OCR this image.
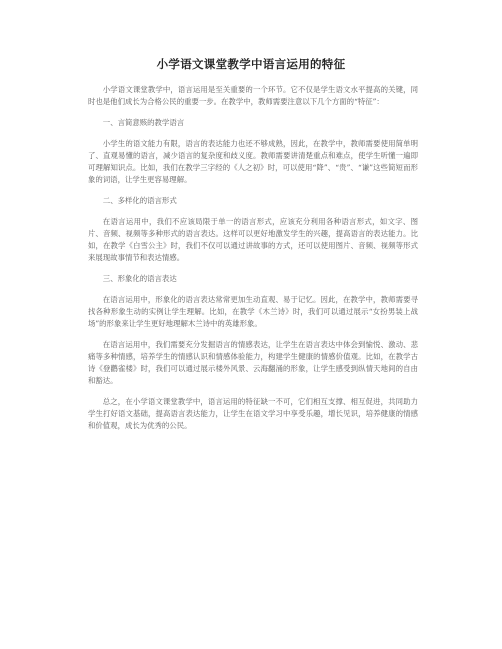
小学语文课堂教学中语言运用的特征

小学语文课堂教学中，语言运用是至关重要的一个环节。它不仅是学生语文水平提高的关键，同时也是他们成长为合格公民的重要一步。在教学中，教师需要注意以下几个方面的“特征”：

一、言简意赅的教学语言

小学生的语文能力有限，语言的表达能力也还不够成熟，因此，在教学中，教师需要使用简单明了、直观易懂的语言，减少语言的复杂度和歧义度。教师需要讲清楚重点和难点，使学生听懂一遍即可理解知识点。比如，我们在教学三字经的《人之初》时，可以使用“降”、“贵”、“谦”这些简短而形象的词语，让学生更容易理解。

二、多样化的语言形式

在语言运用中，我们不应该局限于单一的语言形式，应该充分利用各种语言形式，如文字、图片、音频、视频等多种形式的语言表达。这样可以更好地激发学生的兴趣，提高语言的表达能力。比如，在教学《白雪公主》时，我们不仅可以通过讲故事的方式，还可以使用图片、音频、视频等形式来展现故事情节和表达情感。

三、形象化的语言表达

在语言运用中，形象化的语言表达常常更加生动直观、易于记忆。因此，在教学中，教师需要寻找各种形象生动的实例让学生理解。比如，在教学《木兰诗》时，我们可以通过展示“女扮男装上战场”的形象来让学生更好地理解木兰诗中的英雄形象。

在语言运用中，我们需要充分发掘语言的情感表达，让学生在语言表达中体会到愉悦、激动、悲痛等多种情感，培养学生的情感认识和情感体验能力，构建学生健康的情感价值观。比如，在教学古诗《登鹳雀楼》时，我们可以通过展示楼外风景、云海翻涌的形象，让学生感受到纵情天地间的自由和豁达。

总之，在小学语文课堂教学中，语言运用的特征缺一不可，它们相互支撑、相互促进，共同助力学生打好语文基础，提高语言表达能力，让学生在语文学习中享受乐趣，增长见识，培养健康的情感和价值观，成长为优秀的公民。
